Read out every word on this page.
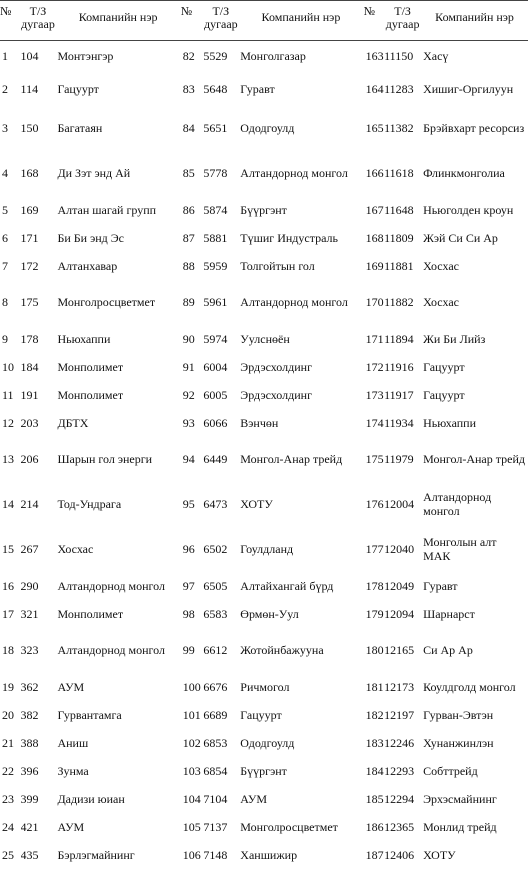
№	Т/З
дугаар	Компанийн нэр	№	Т/З
дугаар	Компанийн нэр	№	Т/З
дугаар	Компанийн нэр
1	104	Монтэнгэр	82	5529	Монголгазар	163	11150	Хасү
2	114	Гацуурт	83	5648	Гуравт	164	11283	Хишиг-Оргилуун
3	150	Багатаян	84	5651	Ододгоулд	165	11382	Брэйвхарт ресорсиз
4	168	Ди Зэт энд Ай	85	5778	Алтандорнод монгол	166	11618	Флинкмонголиа
5	169	Алтан шагай групп	86	5874	Бүүргэнт	167	11648	Ньюголден кроун
6	171	Би Би энд Эс	87	5881	Түшиг Индустраль	168	11809	Жэй Си Си Ар
7	172	Алтанхавар	88	5959	Толгойтын гол	169	11881	Хосхас
8	175	Монголросцветмет	89	5961	Алтандорнод монгол	170	11882	Хосхас
9	178	Ньюхаппи	90	5974	Уулснөён	171	11894	Жи Би Лийз
10	184	Монполимет	91	6004	Эрдэсхолдинг	172	11916	Гацуурт
11	191	Монполимет	92	6005	Эрдэсхолдинг	173	11917	Гацуурт
12	203	ДБТХ	93	6066	Вэнчөн	174	11934	Ньюхаппи
13	206	Шарын гол энерги	94	6449	Монгол-Анар трейд	175	11979	Монгол-Анар трейд
14	214	Тод-Ундрага	95	6473	ХОТУ	176	12004	Алтандорнод монгол
15	267	Хосхас	96	6502	Гоулдланд	177	12040	Монголын алт МАК
16	290	Алтандорнод монгол	97	6505	Алтайхангай бүрд	178	12049	Гуравт
17	321	Монполимет	98	6583	Өрмөн-Уул	179	12094	Шарнарст
18	323	Алтандорнод монгол	99	6612	Жотойнбажуунa	180	12165	Си Ар Ар
19	362	АУМ	100	6676	Ричмогол	181	12173	Коулдголд монгол
20	382	Гурвантамга	101	6689	Гацуурт	182	12197	Гурван-Эвтэн
21	388	Аниш	102	6853	Ододгоулд	183	12246	Хунанжинлэн
22	396	Зунма	103	6854	Бүүргэнт	184	12293	Собттрейд
23	399	Дадизи юиан	104	7104	АУМ	185	12294	Эрхэсмайнинг
24	421	АУМ	105	7137	Монголросцветмет	186	12365	Монлид трейд
25	435	Бэрлэгмайнинг	106	7148	Ханшижир	187	12406	ХОТУ
